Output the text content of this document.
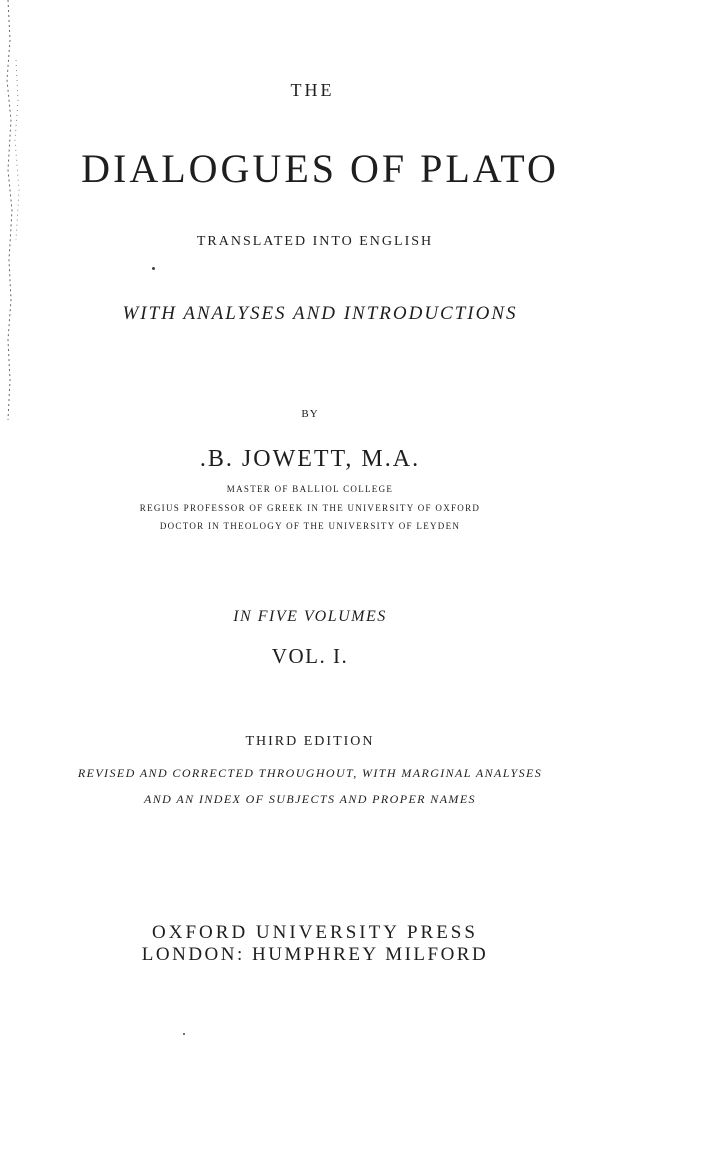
THE
DIALOGUES OF PLATO
TRANSLATED INTO ENGLISH
WITH ANALYSES AND INTRODUCTIONS
BY
.B. JOWETT, M.A.
MASTER OF BALLIOL COLLEGE
REGIUS PROFESSOR OF GREEK IN THE UNIVERSITY OF OXFORD
DOCTOR IN THEOLOGY OF THE UNIVERSITY OF LEYDEN
IN FIVE VOLUMES
VOL. I.
THIRD EDITION
REVISED AND CORRECTED THROUGHOUT, WITH MARGINAL ANALYSES
AND AN INDEX OF SUBJECTS AND PROPER NAMES
OXFORD UNIVERSITY PRESS
LONDON: HUMPHREY MILFORD
